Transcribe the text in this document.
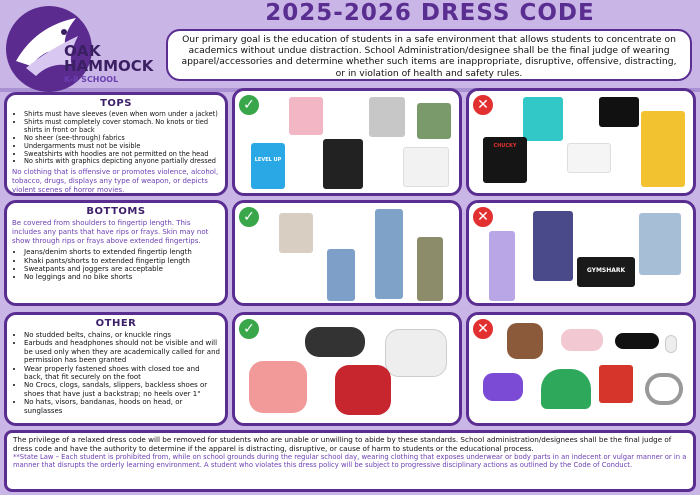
OAK
HAMMOCK
K-8 SCHOOL
2025-2026 DRESS CODE
Our primary goal is the education of students in a safe environment that allows students to concentrate on academics without undue distraction. School Administration/designee shall be the final judge of wearing apparel/accessories and determine whether such items are inappropriate, disruptive, offensive, distracting, or in violation of health and safety rules.
TOPS
• Shirts must have sleeves (even when worn under a jacket)
• Shirts must completely cover stomach. No knots or tied shirts in front or back
• No sheer (see-through) fabrics
• Undergarments must not be visible
• Sweatshirts with hoodies are not permitted on the head
• No shirts with graphics depicting anyone partially dressed
No clothing that is offensive or promotes violence, alcohol, tobacco, drugs, displays any type of weapon, or depicts violent scenes of horror movies.
✓
LEVEL UP
✕
CHUCKY
BOTTOMS
Be covered from shoulders to fingertip length. This includes any pants that have rips or frays. Skin may not show through rips or frays above extended fingertips.
• Jeans/denim shorts to extended fingertip length
• Khaki pants/shorts to extended fingertip length
• Sweatpants and joggers are acceptable
• No leggings and no bike shorts
✓	✕
GYMSHARK
OTHER
• No studded belts, chains, or knuckle rings
• Earbuds and headphones should not be visible and will be used only when they are academically called for and permission has been granted
• Wear properly fastened shoes with closed toe and back, that fit securely on the foot
• No Crocs, clogs, sandals, slippers, backless shoes or shoes that have just a backstrap; no heels over 1"
• No hats, visors, bandanas, hoods on head, or sunglasses
✓	✕
The privilege of a relaxed dress code will be removed for students who are unable or unwilling to abide by these standards. School administration/designees shall be the final judge of dress code and have the authority to determine if the apparel is distracting, disruptive, or cause of harm to students or the educational process.
**State Law – Each student is prohibited from, while on school grounds during the regular school day, wearing clothing that exposes underwear or body parts in an indecent or vulgar manner or in a manner that disrupts the orderly learning environment. A student who violates this dress policy will be subject to progressive disciplinary actions as outlined by the Code of Conduct.
